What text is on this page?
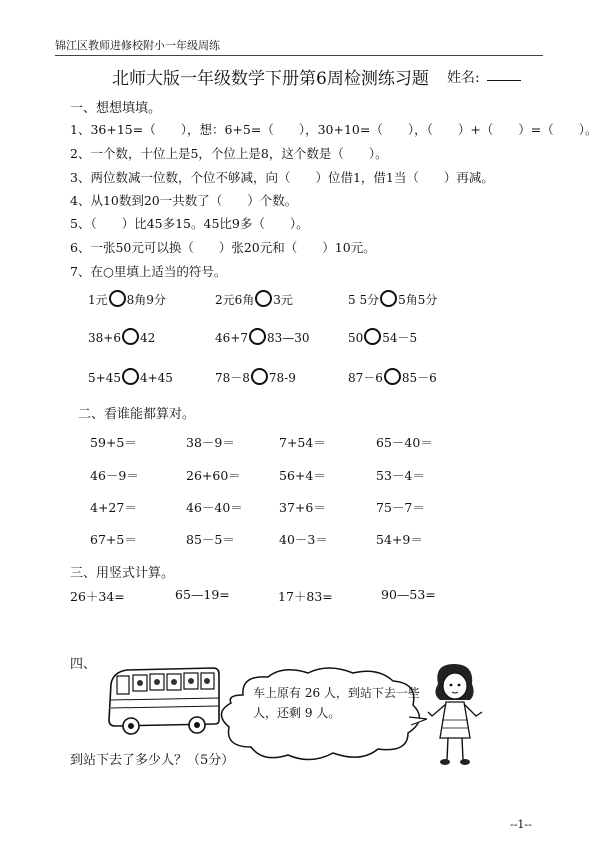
锦江区教师进修校附小一年级周练
北师大版一年级数学下册第6周检测练习题 姓名:
一、想想填填。
1、36+15=（　　），想：6+5=（　　），30+10=（　　），（　　）+（　　）=（　　）。
2、一个数，十位上是5，个位上是8，这个数是（　　）。
3、两位数减一位数，个位不够减，向（　　）位借1，借1当（　　）再减。
4、从10数到20一共数了（　　）个数。
5、（　　）比45多15。45比9多（　　）。
6、一张50元可以换（　　）张20元和（　　）10元。
7、在○里填上适当的符号。
1元 8角9分	2元6角 3元	5 5分 5角5分
38+6 42	46+7 83—30	50 54－5
5+45 4+45	78－8 78-9	87－6 85－6
二、看谁能都算对。
59+5＝	38－9＝	7+54＝	65－40＝
46－9＝	26+60＝	56+4＝	53－4＝
4+27＝	46－40＝	37+6＝	75－7＝
67+5＝	85－5＝	40－3＝	54+9＝
三、用竖式计算。
26＋34=	65—19=	17＋83=	90—53=
四、
车上原有 26 人，到站下去一些人，还剩 9 人。
到站下去了多少人？（5分）
--1--
